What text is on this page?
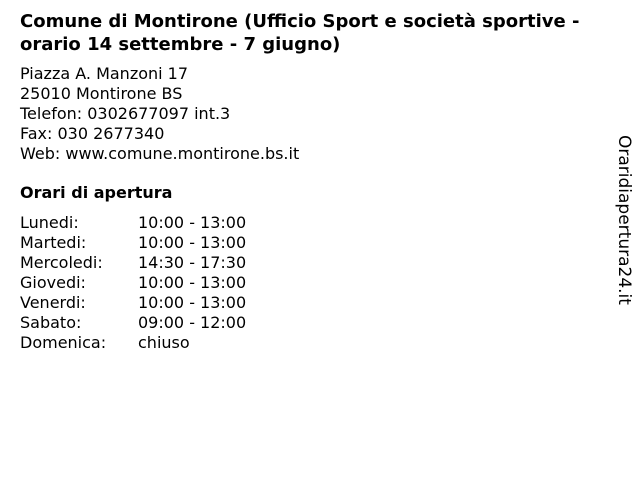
Comune di Montirone (Ufficio Sport e società sportive - orario 14 settembre - 7 giugno)
Piazza A. Manzoni 17
25010 Montirone BS
Telefon: 0302677097 int.3
Fax: 030 2677340
Web: www.comune.montirone.bs.it
Orari di apertura
Lunedi:	10:00 - 13:00
Martedi:	10:00 - 13:00
Mercoledi:	14:30 - 17:30
Giovedi:	10:00 - 13:00
Venerdi:	10:00 - 13:00
Sabato:	09:00 - 12:00
Domenica:	chiuso
Oraridiapertura24.it
